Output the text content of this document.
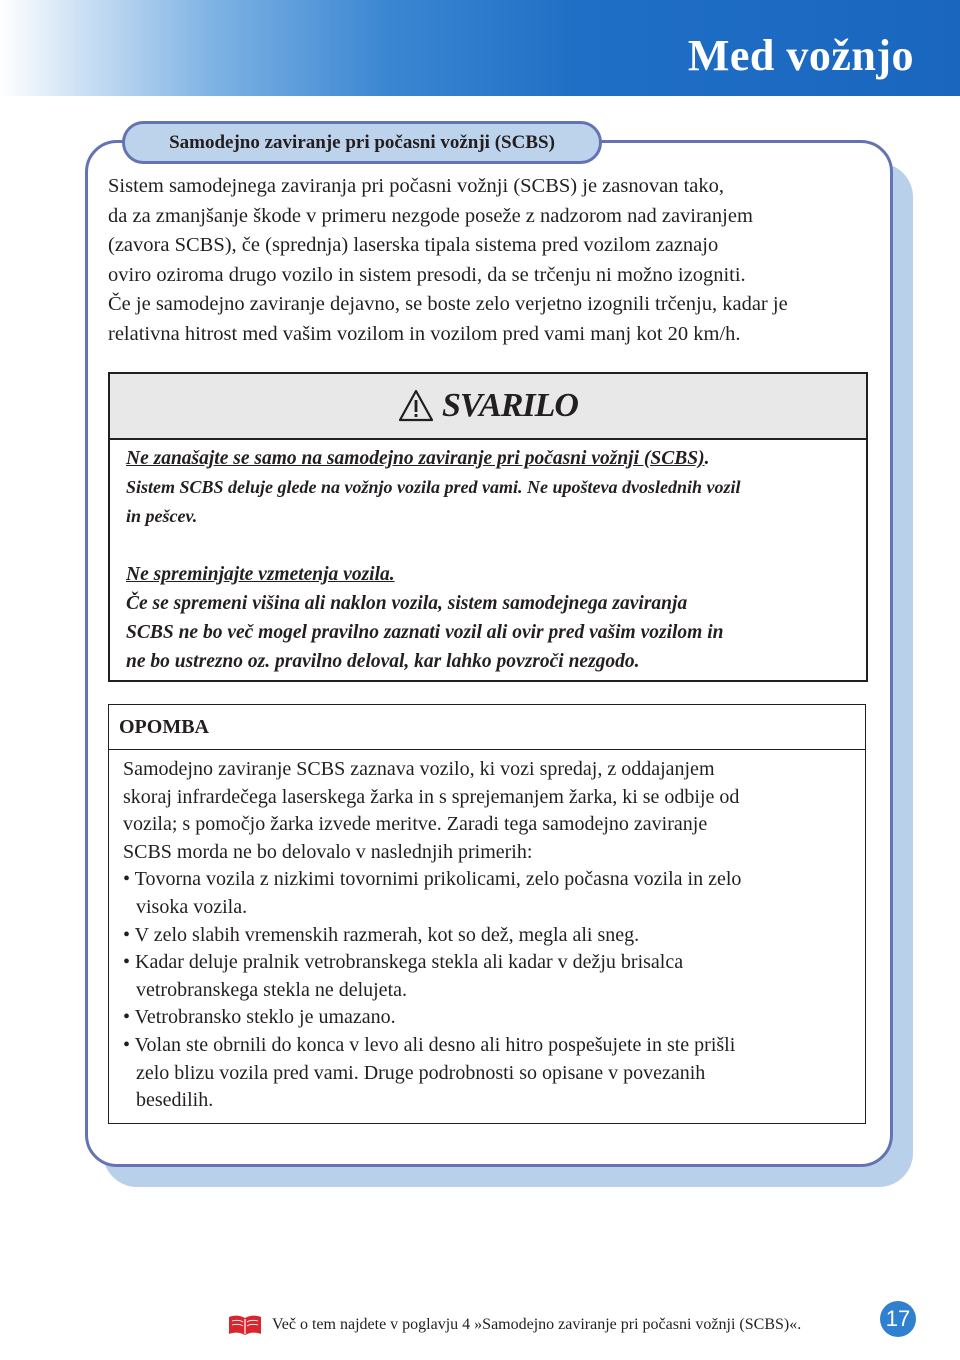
Med vožnjo
Samodejno zaviranje pri počasni vožnji (SCBS)

Sistem samodejnega zaviranja pri počasni vožnji (SCBS) je zasnovan tako,
da za zmanjšanje škode v primeru nezgode poseže z nadzorom nad zaviranjem
(zavora SCBS), če (sprednja) laserska tipala sistema pred vozilom zaznajo
oviro oziroma drugo vozilo in sistem presodi, da se trčenju ni možno izogniti.
Če je samodejno zaviranje dejavno, se boste zelo verjetno izognili trčenju, kadar je
relativna hitrost med vašim vozilom in vozilom pred vami manj kot 20 km/h.

SVARILO
Ne zanašajte se samo na samodejno zaviranje pri počasni vožnji (SCBS).
Sistem SCBS deluje glede na vožnjo vozila pred vami. Ne upošteva dvoslednih vozil
in pešcev.
Ne spreminjajte vzmetenja vozila.
Če se spremeni višina ali naklon vozila, sistem samodejnega zaviranja
SCBS ne bo več mogel pravilno zaznati vozil ali ovir pred vašim vozilom in
ne bo ustrezno oz. pravilno deloval, kar lahko povzroči nezgodo.
OPOMBA
Samodejno zaviranje SCBS zaznava vozilo, ki vozi spredaj, z oddajanjem
skoraj infrardečega laserskega žarka in s sprejemanjem žarka, ki se odbije od
vozila; s pomočjo žarka izvede meritve. Zaradi tega samodejno zaviranje
SCBS morda ne bo delovalo v naslednjih primerih:
• Tovorna vozila z nizkimi tovornimi prikolicami, zelo počasna vozila in zelo
visoka vozila.
• V zelo slabih vremenskih razmerah, kot so dež, megla ali sneg.
• Kadar deluje pralnik vetrobranskega stekla ali kadar v dežju brisalca
vetrobranskega stekla ne delujeta.
• Vetrobransko steklo je umazano.
• Volan ste obrnili do konca v levo ali desno ali hitro pospešujete in ste prišli
zelo blizu vozila pred vami. Druge podrobnosti so opisane v povezanih
besedilih.
Več o tem najdete v poglavju 4 »Samodejno zaviranje pri počasni vožnji (SCBS)«.	17
